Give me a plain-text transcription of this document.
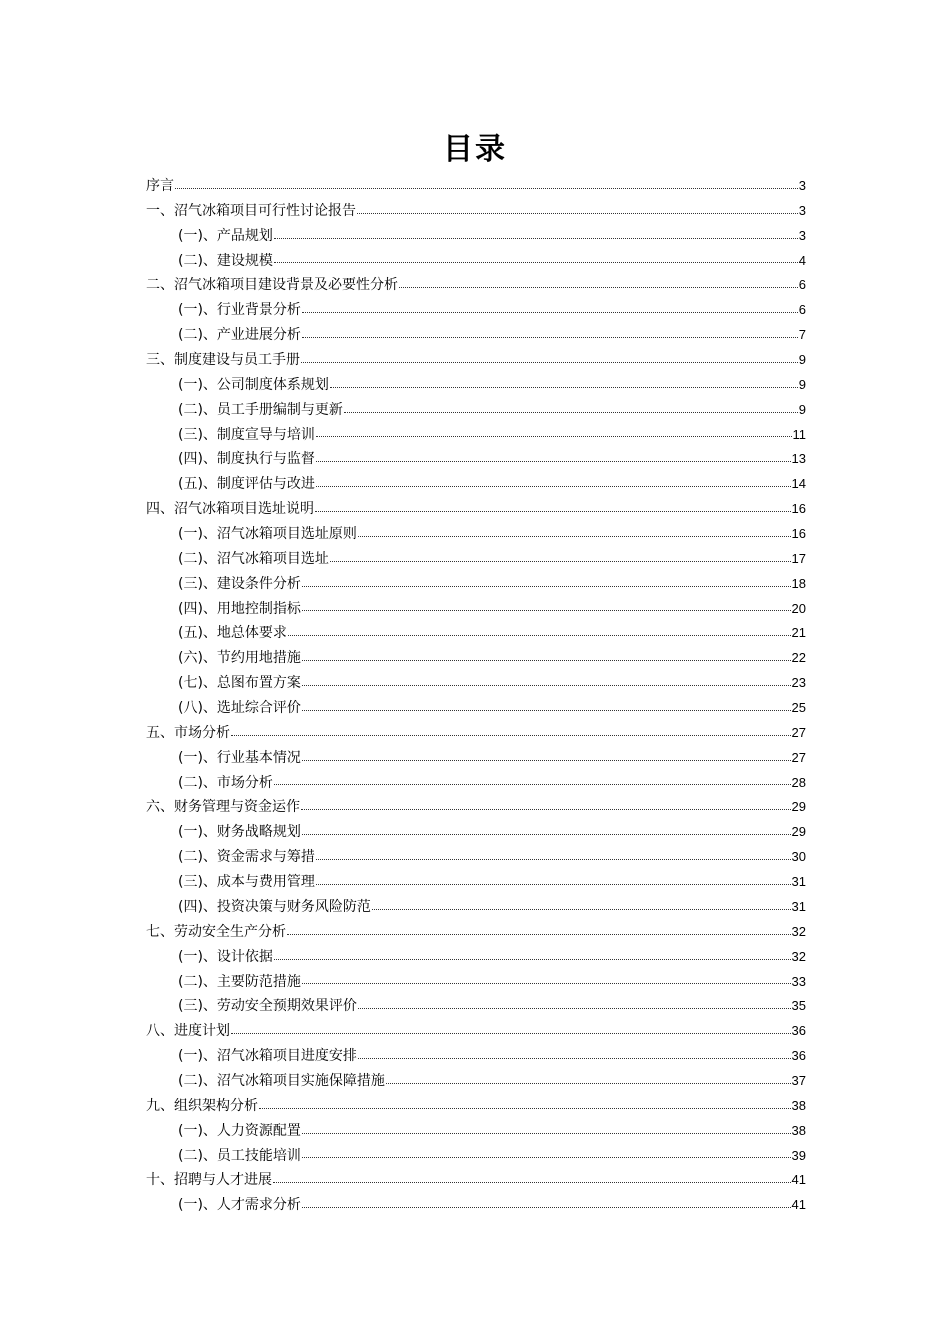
目录
序言	3
一、沼气冰箱项目可行性讨论报告	3
(一)、产品规划	3
(二)、建设规模	4
二、沼气冰箱项目建设背景及必要性分析	6
(一)、行业背景分析	6
(二)、产业进展分析	7
三、制度建设与员工手册	9
(一)、公司制度体系规划	9
(二)、员工手册编制与更新	9
(三)、制度宣导与培训	11
(四)、制度执行与监督	13
(五)、制度评估与改进	14
四、沼气冰箱项目选址说明	16
(一)、沼气冰箱项目选址原则	16
(二)、沼气冰箱项目选址	17
(三)、建设条件分析	18
(四)、用地控制指标	20
(五)、地总体要求	21
(六)、节约用地措施	22
(七)、总图布置方案	23
(八)、选址综合评价	25
五、市场分析	27
(一)、行业基本情况	27
(二)、市场分析	28
六、财务管理与资金运作	29
(一)、财务战略规划	29
(二)、资金需求与筹措	30
(三)、成本与费用管理	31
(四)、投资决策与财务风险防范	31
七、劳动安全生产分析	32
(一)、设计依据	32
(二)、主要防范措施	33
(三)、劳动安全预期效果评价	35
八、进度计划	36
(一)、沼气冰箱项目进度安排	36
(二)、沼气冰箱项目实施保障措施	37
九、组织架构分析	38
(一)、人力资源配置	38
(二)、员工技能培训	39
十、招聘与人才进展	41
(一)、人才需求分析	41
